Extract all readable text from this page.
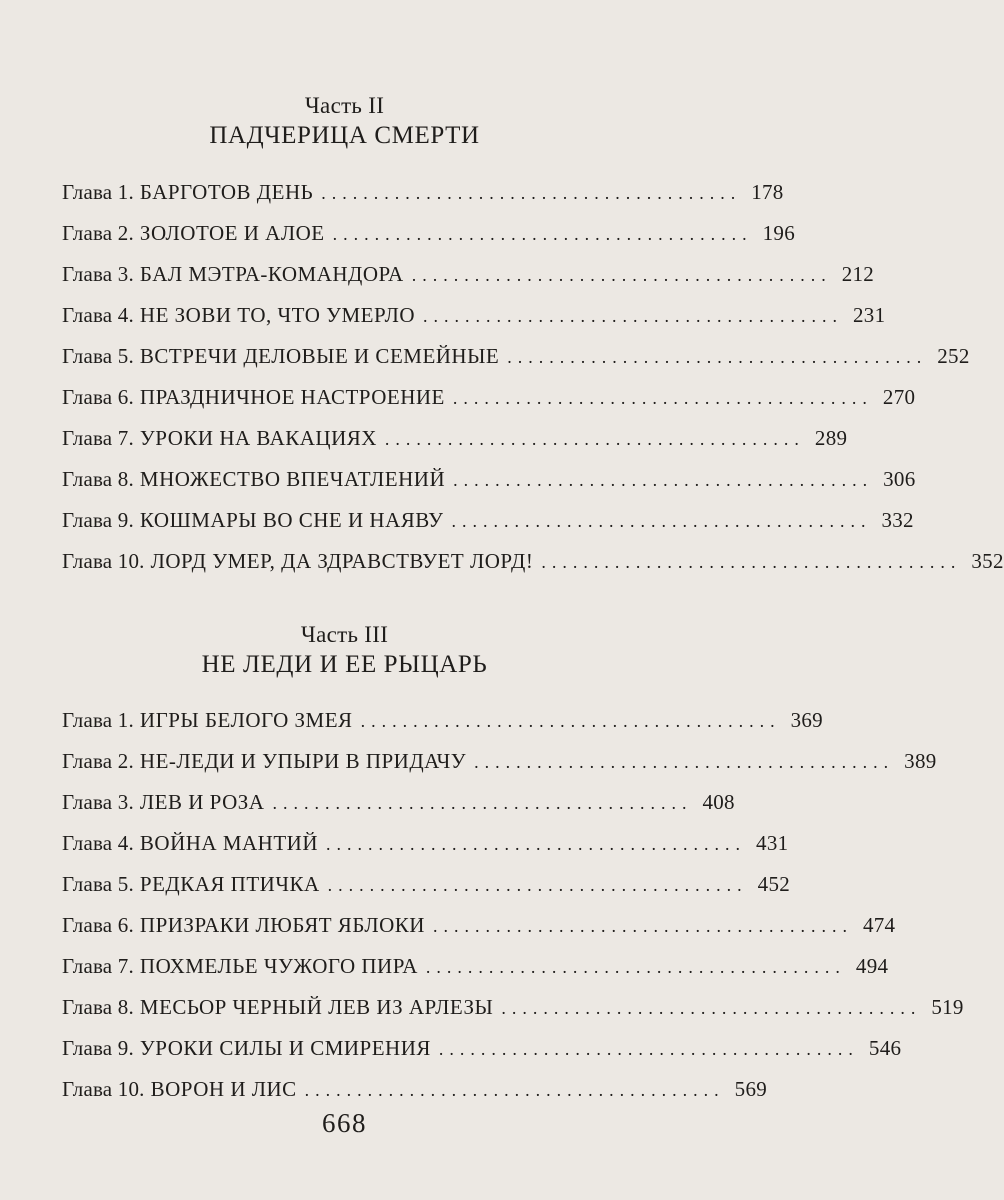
Часть II
ПАДЧЕРИЦА СМЕРТИ
Глава 1. БАРГОТОВ ДЕНЬ ........................................ 178
Глава 2. ЗОЛОТОЕ И АЛОЕ ........................................ 196
Глава 3. БАЛ МЭТРА-КОМАНДОРА ........................................ 212
Глава 4. НЕ ЗОВИ ТО, ЧТО УМЕРЛО ........................................ 231
Глава 5. ВСТРЕЧИ ДЕЛОВЫЕ И СЕМЕЙНЫЕ ........................................ 252
Глава 6. ПРАЗДНИЧНОЕ НАСТРОЕНИЕ ........................................ 270
Глава 7. УРОКИ НА ВАКАЦИЯХ ........................................ 289
Глава 8. МНОЖЕСТВО ВПЕЧАТЛЕНИЙ ........................................ 306
Глава 9. КОШМАРЫ ВО СНЕ И НАЯВУ ........................................ 332
Глава 10. ЛОРД УМЕР, ДА ЗДРАВСТВУЕТ ЛОРД! ........................................ 352
Часть III
НЕ ЛЕДИ И ЕЕ РЫЦАРЬ
Глава 1. ИГРЫ БЕЛОГО ЗМЕЯ ........................................ 369
Глава 2. НЕ-ЛЕДИ И УПЫРИ В ПРИДАЧУ ........................................ 389
Глава 3. ЛЕВ И РОЗА ........................................ 408
Глава 4. ВОЙНА МАНТИЙ ........................................ 431
Глава 5. РЕДКАЯ ПТИЧКА ........................................ 452
Глава 6. ПРИЗРАКИ ЛЮБЯТ ЯБЛОКИ ........................................ 474
Глава 7. ПОХМЕЛЬЕ ЧУЖОГО ПИРА ........................................ 494
Глава 8. МЕСЬОР ЧЕРНЫЙ ЛЕВ ИЗ АРЛЕЗЫ ........................................ 519
Глава 9. УРОКИ СИЛЫ И СМИРЕНИЯ ........................................ 546
Глава 10. ВОРОН И ЛИС ........................................ 569
668
